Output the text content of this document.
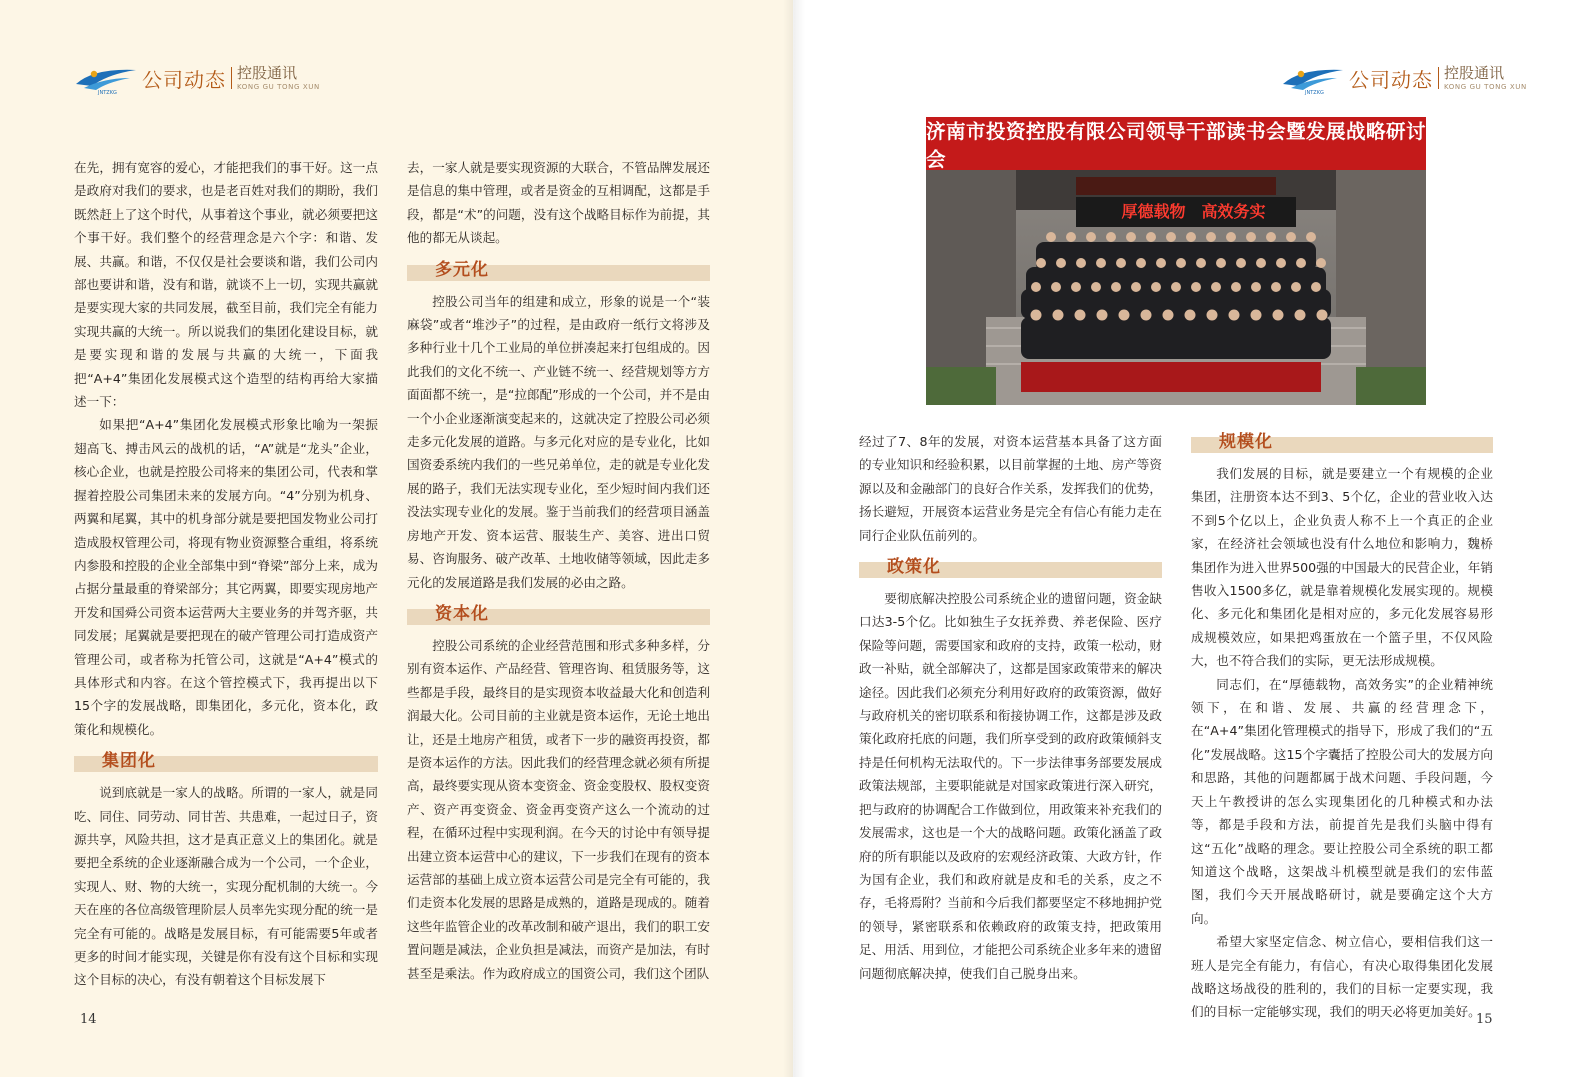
JNTZKG
公司动态 控股通讯
KONG GU TONG XUN

在先，拥有宽容的爱心，才能把我们的事干好。这一点是政府对我们的要求，也是老百姓对我们的期盼，我们既然赶上了这个时代，从事着这个事业，就必须要把这个事干好。我们整个的经营理念是六个字：和谐、发展、共赢。和谐，不仅仅是社会要谈和谐，我们公司内部也要讲和谐，没有和谐，就谈不上一切，实现共赢就是要实现大家的共同发展，截至目前，我们完全有能力实现共赢的大统一。所以说我们的集团化建设目标，就是要实现和谐的发展与共赢的大统一，下面我把“A+4”集团化发展模式这个造型的结构再给大家描述一下：

如果把“A+4”集团化发展模式形象比喻为一架振翅高飞、搏击风云的战机的话，“A”就是“龙头”企业，核心企业，也就是控股公司将来的集团公司，代表和掌握着控股公司集团未来的发展方向。“4”分别为机身、两翼和尾翼，其中的机身部分就是要把国发物业公司打造成股权管理公司，将现有物业资源整合重组，将系统内参股和控股的企业全部集中到“脊梁”部分上来，成为占据分量最重的脊梁部分；其它两翼，即要实现房地产开发和国舜公司资本运营两大主要业务的并驾齐驱，共同发展；尾翼就是要把现在的破产管理公司打造成资产管理公司，或者称为托管公司，这就是“A+4”模式的具体形式和内容。在这个管控模式下，我再提出以下15个字的发展战略，即集团化，多元化，资本化，政策化和规模化。

集团化

说到底就是一家人的战略。所谓的一家人，就是同吃、同住、同劳动、同甘苦、共患难，一起过日子，资源共享，风险共担，这才是真正意义上的集团化。就是要把全系统的企业逐渐融合成为一个公司，一个企业，实现人、财、物的大统一，实现分配机制的大统一。今天在座的各位高级管理阶层人员率先实现分配的统一是完全有可能的。战略是发展目标，有可能需要5年或者更多的时间才能实现，关键是你有没有这个目标和实现这个目标的决心，有没有朝着这个目标发展下

去，一家人就是要实现资源的大联合，不管品牌发展还是信息的集中管理，或者是资金的互相调配，这都是手段，都是“术”的问题，没有这个战略目标作为前提，其他的都无从谈起。

多元化

控股公司当年的组建和成立，形象的说是一个“装麻袋”或者“堆沙子”的过程，是由政府一纸行文将涉及多种行业十几个工业局的单位拼凑起来打包组成的。因此我们的文化不统一、产业链不统一、经营规划等方方面面都不统一，是“拉郎配”形成的一个公司，并不是由一个小企业逐渐演变起来的，这就决定了控股公司必须走多元化发展的道路。与多元化对应的是专业化，比如国资委系统内我们的一些兄弟单位，走的就是专业化发展的路子，我们无法实现专业化，至少短时间内我们还没法实现专业化的发展。鉴于当前我们的经营项目涵盖房地产开发、资本运营、服装生产、美容、进出口贸易、咨询服务、破产改革、土地收储等领域，因此走多元化的发展道路是我们发展的必由之路。

资本化

控股公司系统的企业经营范围和形式多种多样，分别有资本运作、产品经营、管理咨询、租赁服务等，这些都是手段，最终目的是实现资本收益最大化和创造利润最大化。公司目前的主业就是资本运作，无论土地出让，还是土地房产租赁，或者下一步的融资再投资，都是资本运作的方法。因此我们的经营理念就必须有所提高，最终要实现从资本变资金、资金变股权、股权变资产、资产再变资金、资金再变资产这么一个流动的过程，在循环过程中实现利润。在今天的讨论中有领导提出建立资本运营中心的建议，下一步我们在现有的资本运营部的基础上成立资本运营公司是完全有可能的，我们走资本化发展的思路是成熟的，道路是现成的。随着这些年监管企业的改革改制和破产退出，我们的职工安置问题是减法，企业负担是减法，而资产是加法，有时甚至是乘法。作为政府成立的国资公司，我们这个团队

14
JNTZKG
公司动态 控股通讯
KONG GU TONG XUN
济南市投资控股有限公司领导干部读书会暨发展战略研讨会
厚德载物　高效务实

经过了7、8年的发展，对资本运营基本具备了这方面的专业知识和经验积累，以目前掌握的土地、房产等资源以及和金融部门的良好合作关系，发挥我们的优势，扬长避短，开展资本运营业务是完全有信心有能力走在同行企业队伍前列的。

政策化

要彻底解决控股公司系统企业的遗留问题，资金缺口达3-5个亿。比如独生子女抚养费、养老保险、医疗保险等问题，需要国家和政府的支持，政策一松动，财政一补贴，就全部解决了，这都是国家政策带来的解决途径。因此我们必须充分利用好政府的政策资源，做好与政府机关的密切联系和衔接协调工作，这都是涉及政策化政府托底的问题，我们所享受到的政府政策倾斜支持是任何机构无法取代的。下一步法律事务部要发展成政策法规部，主要职能就是对国家政策进行深入研究，把与政府的协调配合工作做到位，用政策来补充我们的发展需求，这也是一个大的战略问题。政策化涵盖了政府的所有职能以及政府的宏观经济政策、大政方针，作为国有企业，我们和政府就是皮和毛的关系，皮之不存，毛将焉附？当前和今后我们都要坚定不移地拥护党的领导，紧密联系和依赖政府的政策支持，把政策用足、用活、用到位，才能把公司系统企业多年来的遗留问题彻底解决掉，使我们自己脱身出来。

规模化

我们发展的目标，就是要建立一个有规模的企业集团，注册资本达不到3、5个亿，企业的营业收入达不到5个亿以上，企业负责人称不上一个真正的企业家，在经济社会领域也没有什么地位和影响力，魏桥集团作为进入世界500强的中国最大的民营企业，年销售收入1500多亿，就是靠着规模化发展实现的。规模化、多元化和集团化是相对应的，多元化发展容易形成规模效应，如果把鸡蛋放在一个篮子里，不仅风险大，也不符合我们的实际，更无法形成规模。

同志们，在“厚德载物，高效务实”的企业精神统领下，在和谐、发展、共赢的经营理念下，在“A+4”集团化管理模式的指导下，形成了我们的“五化”发展战略。这15个字囊括了控股公司大的发展方向和思路，其他的问题都属于战术问题、手段问题，今天上午教授讲的怎么实现集团化的几种模式和办法等，都是手段和方法，前提首先是我们头脑中得有这“五化”战略的理念。要让控股公司全系统的职工都知道这个战略，这架战斗机模型就是我们的宏伟蓝图，我们今天开展战略研讨，就是要确定这个大方向。

希望大家坚定信念、树立信心，要相信我们这一班人是完全有能力，有信心，有决心取得集团化发展战略这场战役的胜利的，我们的目标一定要实现，我们的目标一定能够实现，我们的明天必将更加美好。

15
